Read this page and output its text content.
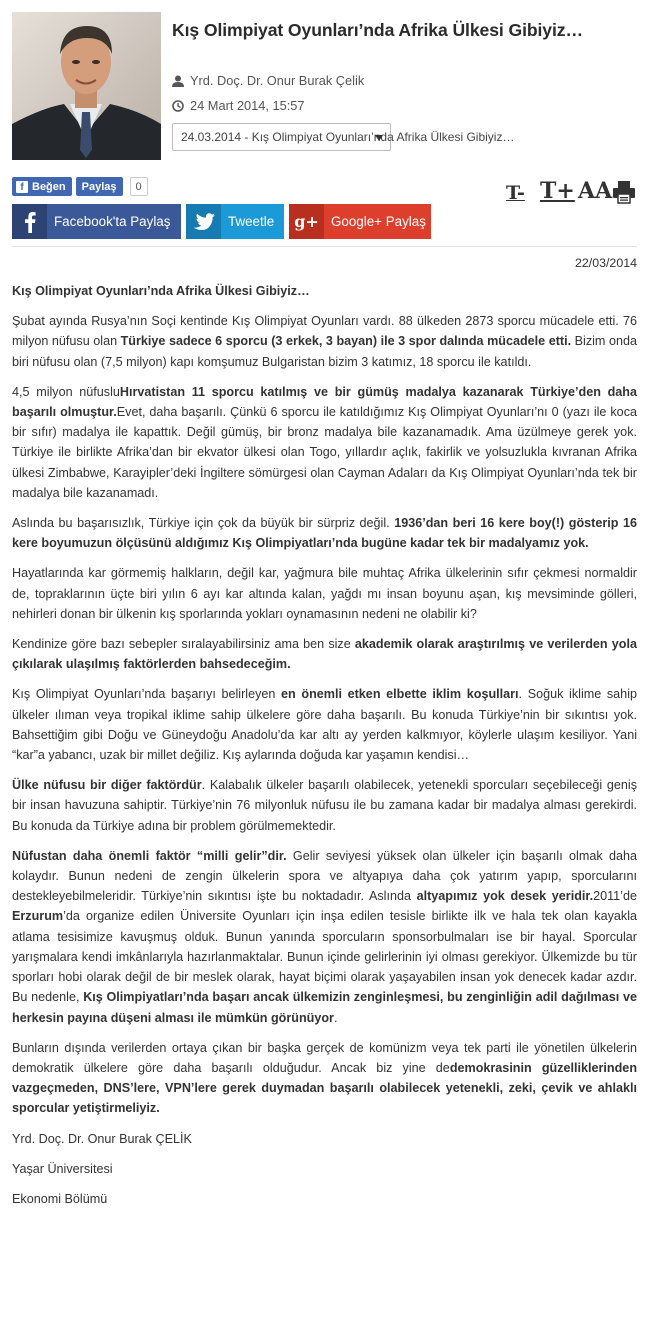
Kış Olimpiyat Oyunları’nda Afrika Ülkesi Gibiyiz…
Yrd. Doç. Dr. Onur Burak Çelik
24 Mart 2014, 15:57
24.03.2014 - Kış Olimpiyat Oyunları’nda Afrika Ülkesi Gibiyiz…
f Beğen Paylaş	0	T- T+ AA
Facebook'ta Paylaş	Tweetle	g+ Google+ Paylaş
22/03/2014

Kış Olimpiyat Oyunları’nda Afrika Ülkesi Gibiyiz…

Şubat ayında Rusya’nın Soçi kentinde Kış Olimpiyat Oyunları vardı. 88 ülkeden 2873 sporcu mücadele etti. 76 milyon nüfusu olan Türkiye sadece 6 sporcu (3 erkek, 3 bayan) ile 3 spor dalında mücadele etti. Bizim onda biri nüfusu olan (7,5 milyon) kapı komşumuz Bulgaristan bizim 3 katımız, 18 sporcu ile katıldı.

4,5 milyon nüfusluHırvatistan 11 sporcu katılmış ve bir gümüş madalya kazanarak Türkiye’den daha başarılı olmuştur.Evet, daha başarılı. Çünkü 6 sporcu ile katıldığımız Kış Olimpiyat Oyunları’nı 0 (yazı ile koca bir sıfır) madalya ile kapattık. Değil gümüş, bir bronz madalya bile kazanamadık. Ama üzülmeye gerek yok. Türkiye ile birlikte Afrika’dan bir ekvator ülkesi olan Togo, yıllardır açlık, fakirlik ve yolsuzlukla kıvranan Afrika ülkesi Zimbabwe, Karayipler’deki İngiltere sömürgesi olan Cayman Adaları da Kış Olimpiyat Oyunları’nda tek bir madalya bile kazanamadı.

Aslında bu başarısızlık, Türkiye için çok da büyük bir sürpriz değil. 1936’dan beri 16 kere boy(!) gösterip 16 kere boyumuzun ölçüsünü aldığımız Kış Olimpiyatları’nda bugüne kadar tek bir madalyamız yok.

Hayatlarında kar görmemiş halkların, değil kar, yağmura bile muhtaç Afrika ülkelerinin sıfır çekmesi normaldir de, topraklarının üçte biri yılın 6 ayı kar altında kalan, yağdı mı insan boyunu aşan, kış mevsiminde gölleri, nehirleri donan bir ülkenin kış sporlarında yokları oynamasının nedeni ne olabilir ki?

Kendinize göre bazı sebepler sıralayabilirsiniz ama ben size akademik olarak araştırılmış ve verilerden yola çıkılarak ulaşılmış faktörlerden bahsedeceğim.

Kış Olimpiyat Oyunları’nda başarıyı belirleyen en önemli etken elbette iklim koşulları. Soğuk iklime sahip ülkeler ılıman veya tropikal iklime sahip ülkelere göre daha başarılı. Bu konuda Türkiye’nin bir sıkıntısı yok. Bahsettiğim gibi Doğu ve Güneydoğu Anadolu’da kar altı ay yerden kalkmıyor, köylerle ulaşım kesiliyor. Yani “kar”a yabancı, uzak bir millet değiliz. Kış aylarında doğuda kar yaşamın kendisi…

Ülke nüfusu bir diğer faktördür. Kalabalık ülkeler başarılı olabilecek, yetenekli sporcuları seçebileceği geniş bir insan havuzuna sahiptir. Türkiye’nin 76 milyonluk nüfusu ile bu zamana kadar bir madalya alması gerekirdi. Bu konuda da Türkiye adına bir problem görülmemektedir.

Nüfustan daha önemli faktör “milli gelir”dir. Gelir seviyesi yüksek olan ülkeler için başarılı olmak daha kolaydır. Bunun nedeni de zengin ülkelerin spora ve altyapıya daha çok yatırım yapıp, sporcularını destekleyebilmeleridir. Türkiye’nin sıkıntısı işte bu noktadadır. Aslında altyapımız yok desek yeridir.2011’de Erzurum’da organize edilen Üniversite Oyunları için inşa edilen tesisle birlikte ilk ve hala tek olan kayakla atlama tesisimize kavuşmuş olduk. Bunun yanında sporcuların sponsorbulmaları ise bir hayal. Sporcular yarışmalara kendi imkânlarıyla hazırlanmaktalar. Bunun içinde gelirlerinin iyi olması gerekiyor. Ülkemizde bu tür sporları hobi olarak değil de bir meslek olarak, hayat biçimi olarak yaşayabilen insan yok denecek kadar azdır. Bu nedenle, Kış Olimpiyatları’nda başarı ancak ülkemizin zenginleşmesi, bu zenginliğin adil dağılması ve herkesin payına düşeni alması ile mümkün görünüyor.

Bunların dışında verilerden ortaya çıkan bir başka gerçek de komünizm veya tek parti ile yönetilen ülkelerin demokratik ülkelere göre daha başarılı olduğudur. Ancak biz yine dedemokrasinin güzelliklerinden vazgeçmeden, DNS’lere, VPN’lere gerek duymadan başarılı olabilecek yetenekli, zeki, çevik ve ahlaklı sporcular yetiştirmeliyiz.

Yrd. Doç. Dr. Onur Burak ÇELİK

Yaşar Üniversitesi

Ekonomi Bölümü
